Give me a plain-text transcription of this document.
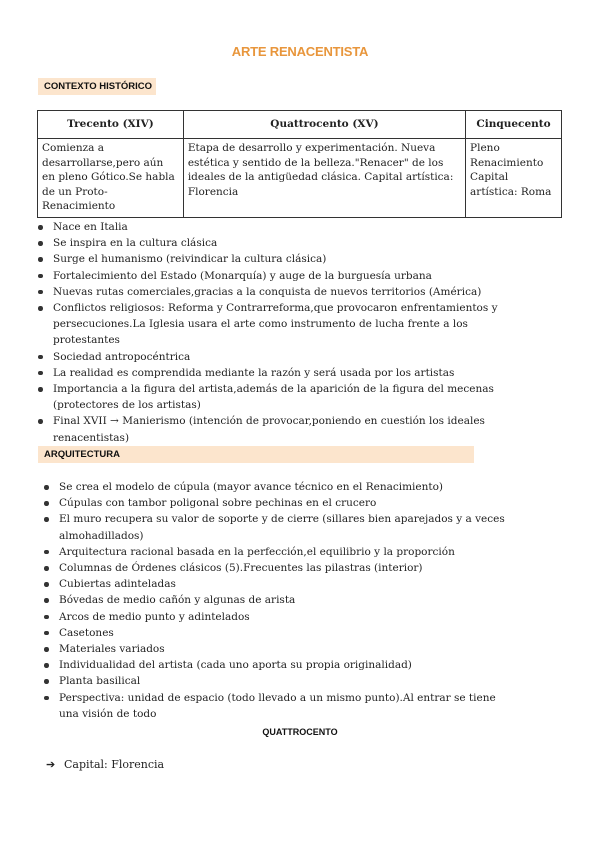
ARTE RENACENTISTA
CONTEXTO HISTÓRICO
Trecento (XIV)	Quattrocento (XV)	Cinquecento
Comienza a desarrollarse,pero aún en pleno Gótico.Se habla de un Proto-Renacimiento	Etapa de desarrollo y experimentación. Nueva estética y sentido de la belleza."Renacer" de los ideales de la antigüedad clásica. Capital artística: Florencia	Pleno Renacimiento Capital artística: Roma
Nace en Italia
Se inspira en la cultura clásica
Surge el humanismo (reivindicar la cultura clásica)
Fortalecimiento del Estado (Monarquía) y auge de la burguesía urbana
Nuevas rutas comerciales,gracias a la conquista de nuevos territorios (América)
Conflictos religiosos: Reforma y Contrarreforma,que provocaron enfrentamientos y persecuciones.La Iglesia usara el arte como instrumento de lucha frente a los protestantes
Sociedad antropocéntrica
La realidad es comprendida mediante la razón y será usada por los artistas
Importancia a la figura del artista,además de la aparición de la figura del mecenas (protectores de los artistas)
Final XVII → Manierismo (intención de provocar,poniendo en cuestión los ideales renacentistas)
ARQUITECTURA
Se crea el modelo de cúpula (mayor avance técnico en el Renacimiento)
Cúpulas con tambor poligonal sobre pechinas en el crucero
El muro recupera su valor de soporte y de cierre (sillares bien aparejados y a veces almohadillados)
Arquitectura racional basada en la perfección,el equilibrio y la proporción
Columnas de Órdenes clásicos (5).Frecuentes las pilastras (interior)
Cubiertas adinteladas
Bóvedas de medio cañón y algunas de arista
Arcos de medio punto y adintelados
Casetones
Materiales variados
Individualidad del artista (cada uno aporta su propia originalidad)
Planta basilical
Perspectiva: unidad de espacio (todo llevado a un mismo punto).Al entrar se tiene una visión de todo
QUATTROCENTO
➔ Capital: Florencia
